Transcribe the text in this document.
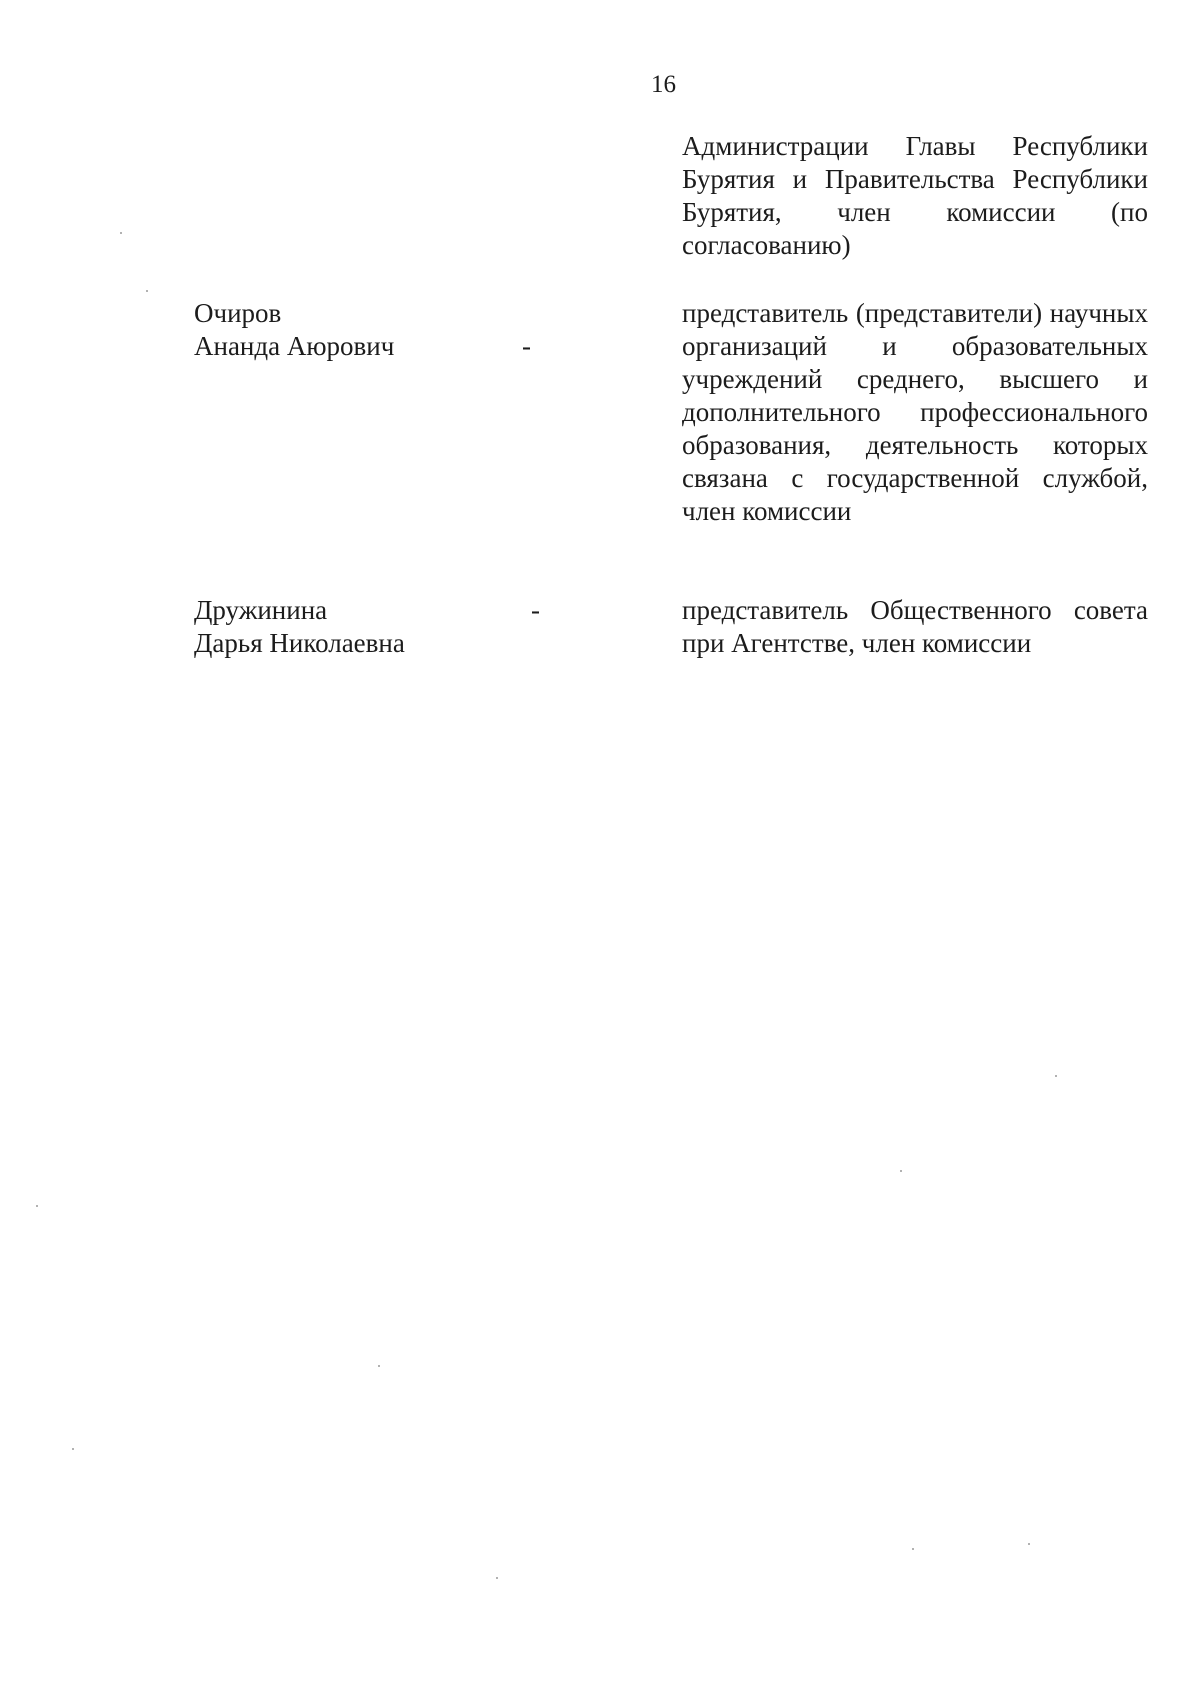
16
Администрации Главы Республики Бурятия и Правительства Республики Бурятия, член комиссии (по согласованию)
Очиров
Ананда Аюрович	-
представитель (представители) научных организаций и образовательных учреждений среднего, высшего и дополнительного профессионального образования, деятельность которых связана с государственной службой, член комиссии
Дружинина
Дарья Николаевна
-	представитель Общественного совета при Агентстве, член комиссии
